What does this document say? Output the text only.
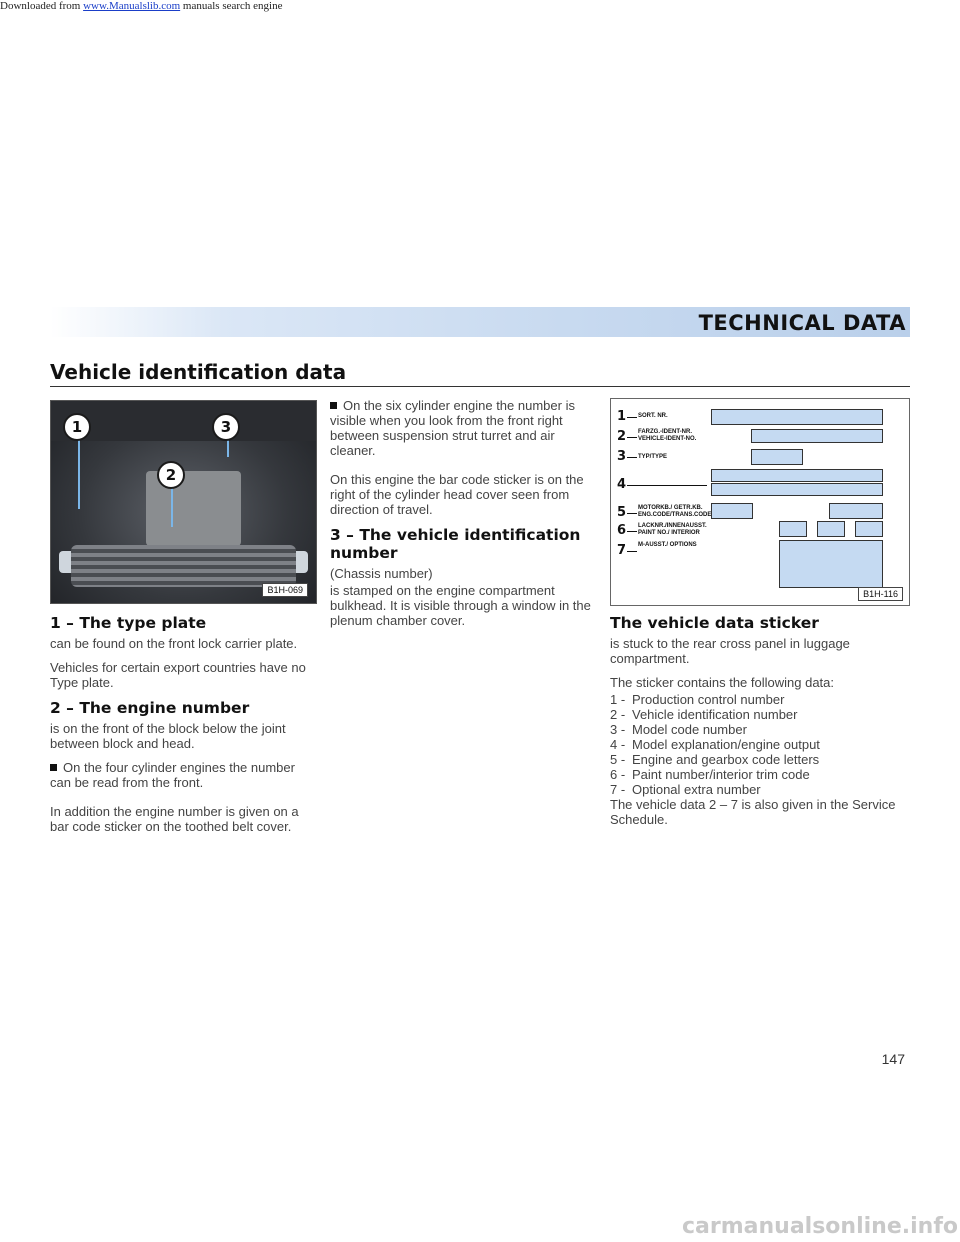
Downloaded from www.Manualslib.com manuals search engine
TECHNICAL DATA
Vehicle identification data
1	3
2
B1H-069
1 – The type plate

can be found on the front lock carrier plate.

Vehicles for certain export countries have no Type plate.

2 – The engine number

is on the front of the block below the joint between block and head.

On the four cylinder engines the number can be read from the front.

In addition the engine number is given on a bar code sticker on the toothed belt cover.

On the six cylinder engine the number is visible when you look from the front right between suspension strut turret and air cleaner.

On this engine the bar code sticker is on the right of the cylinder head cover seen from direction of travel.

3 – The vehicle identification number

(Chassis number)

is stamped on the engine compartment bulkhead. It is visible through a window in the plenum chamber cover.

1 SORT. NR.
2 FARZG.-IDENT-NR. VEHICLE-IDENT-NO.
3 TYP/TYPE
4
5 MOTORKB./ GETR.KB. ENG.CODE/TRANS.CODE
6 LACKNR./INNENAUSST. PAINT NO./ INTERIOR
7 M-AUSST./ OPTIONS
B1H-116
The vehicle data sticker

is stuck to the rear cross panel in luggage compartment.

The sticker contains the following data:

1 - Production control number
2 - Vehicle identification number
3 - Model code number
4 - Model explanation/engine output
5 - Engine and gearbox code letters
6 - Paint number/interior trim code
7 - Optional extra number

The vehicle data 2 – 7 is also given in the Service Schedule.

147
carmanualsonline.info
